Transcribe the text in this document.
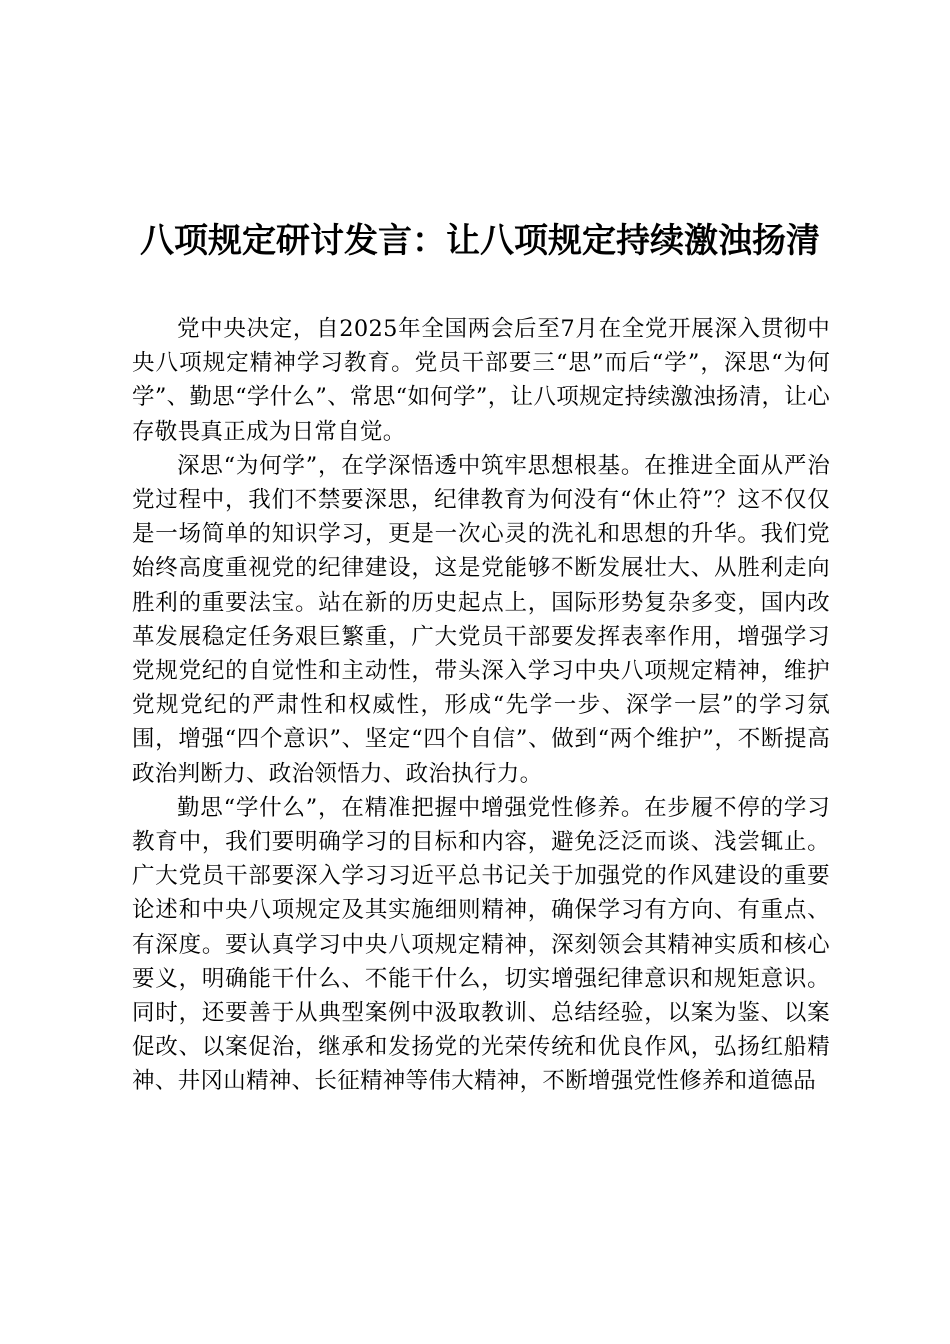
八项规定研讨发言：让八项规定持续激浊扬清

党中央决定，自2025年全国两会后至7月在全党开展深入贯彻中央八项规定精神学习教育。党员干部要三“思”而后“学”，深思“为何学”、勤思“学什么”、常思“如何学”，让八项规定持续激浊扬清，让心存敬畏真正成为日常自觉。

深思“为何学”，在学深悟透中筑牢思想根基。在推进全面从严治党过程中，我们不禁要深思，纪律教育为何没有“休止符”？这不仅仅是一场简单的知识学习，更是一次心灵的洗礼和思想的升华。我们党始终高度重视党的纪律建设，这是党能够不断发展壮大、从胜利走向胜利的重要法宝。站在新的历史起点上，国际形势复杂多变，国内改革发展稳定任务艰巨繁重，广大党员干部要发挥表率作用，增强学习党规党纪的自觉性和主动性，带头深入学习中央八项规定精神，维护党规党纪的严肃性和权威性，形成“先学一步、深学一层”的学习氛围，增强“四个意识”、坚定“四个自信”、做到“两个维护”，不断提高政治判断力、政治领悟力、政治执行力。

勤思“学什么”，在精准把握中增强党性修养。在步履不停的学习教育中，我们要明确学习的目标和内容，避免泛泛而谈、浅尝辄止。广大党员干部要深入学习习近平总书记关于加强党的作风建设的重要论述和中央八项规定及其实施细则精神，确保学习有方向、有重点、有深度。要认真学习中央八项规定精神，深刻领会其精神实质和核心要义，明确能干什么、不能干什么，切实增强纪律意识和规矩意识。同时，还要善于从典型案例中汲取教训、总结经验，以案为鉴、以案促改、以案促治，继承和发扬党的光荣传统和优良作风，弘扬红船精神、井冈山精神、长征精神等伟大精神，不断增强党性修养和道德品
